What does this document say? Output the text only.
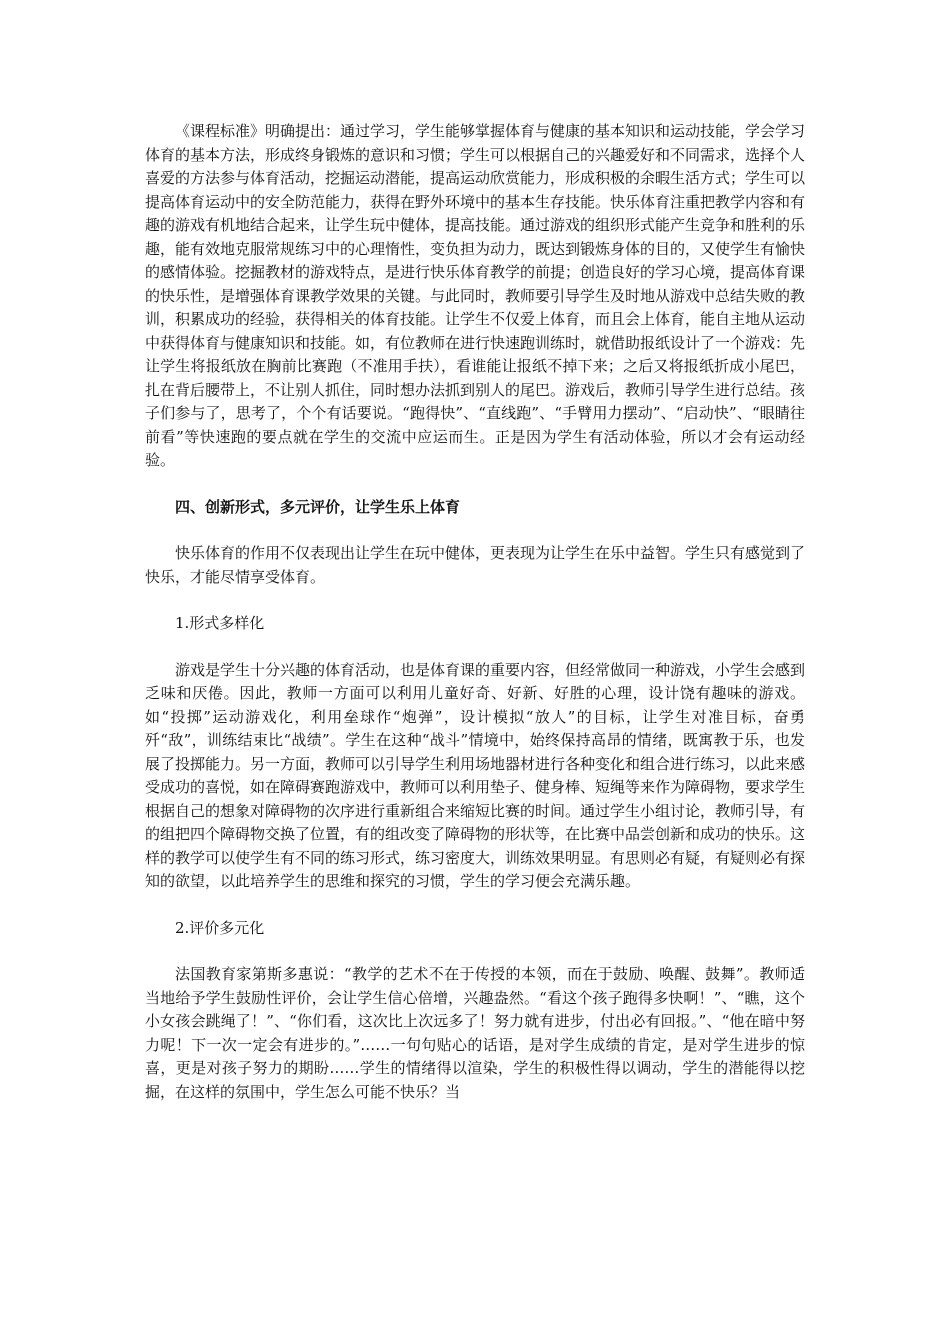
《课程标准》明确提出：通过学习，学生能够掌握体育与健康的基本知识和运动技能，学会学习体育的基本方法，形成终身锻炼的意识和习惯；学生可以根据自己的兴趣爱好和不同需求，选择个人喜爱的方法参与体育活动，挖掘运动潜能，提高运动欣赏能力，形成积极的余暇生活方式；学生可以提高体育运动中的安全防范能力，获得在野外环境中的基本生存技能。快乐体育注重把教学内容和有趣的游戏有机地结合起来，让学生玩中健体，提高技能。通过游戏的组织形式能产生竞争和胜利的乐趣，能有效地克服常规练习中的心理惰性，变负担为动力，既达到锻炼身体的目的，又使学生有愉快的感情体验。挖掘教材的游戏特点，是进行快乐体育教学的前提；创造良好的学习心境，提高体育课的快乐性，是增强体育课教学效果的关键。与此同时，教师要引导学生及时地从游戏中总结失败的教训，积累成功的经验，获得相关的体育技能。让学生不仅爱上体育，而且会上体育，能自主地从运动中获得体育与健康知识和技能。如，有位教师在进行快速跑训练时，就借助报纸设计了一个游戏：先让学生将报纸放在胸前比赛跑（不准用手扶），看谁能让报纸不掉下来；之后又将报纸折成小尾巴，扎在背后腰带上，不让别人抓住，同时想办法抓到别人的尾巴。游戏后，教师引导学生进行总结。孩子们参与了，思考了，个个有话要说。“跑得快”、“直线跑”、“手臂用力摆动”、“启动快”、“眼睛往前看”等快速跑的要点就在学生的交流中应运而生。正是因为学生有活动体验，所以才会有运动经验。

四、创新形式，多元评价，让学生乐上体育

快乐体育的作用不仅表现出让学生在玩中健体，更表现为让学生在乐中益智。学生只有感觉到了快乐，才能尽情享受体育。

1.形式多样化

游戏是学生十分兴趣的体育活动，也是体育课的重要内容，但经常做同一种游戏，小学生会感到乏味和厌倦。因此，教师一方面可以利用儿童好奇、好新、好胜的心理，设计饶有趣味的游戏。如“投掷”运动游戏化，利用垒球作“炮弹”，设计模拟“放人”的目标，让学生对准目标，奋勇歼“敌”，训练结束比“战绩”。学生在这种“战斗”情境中，始终保持高昂的情绪，既寓教于乐，也发展了投掷能力。另一方面，教师可以引导学生利用场地器材进行各种变化和组合进行练习，以此来感受成功的喜悦，如在障碍赛跑游戏中，教师可以利用垫子、健身棒、短绳等来作为障碍物，要求学生根据自己的想象对障碍物的次序进行重新组合来缩短比赛的时间。通过学生小组讨论，教师引导，有的组把四个障碍物交换了位置，有的组改变了障碍物的形状等，在比赛中品尝创新和成功的快乐。这样的教学可以使学生有不同的练习形式，练习密度大，训练效果明显。有思则必有疑，有疑则必有探知的欲望，以此培养学生的思维和探究的习惯，学生的学习便会充满乐趣。

2.评价多元化

法国教育家第斯多惠说：“教学的艺术不在于传授的本领，而在于鼓励、唤醒、鼓舞”。教师适当地给予学生鼓励性评价，会让学生信心倍增，兴趣盎然。“看这个孩子跑得多快啊！”、“瞧，这个小女孩会跳绳了！”、“你们看，这次比上次远多了！努力就有进步，付出必有回报。”、“他在暗中努力呢！下一次一定会有进步的。”……一句句贴心的话语，是对学生成绩的肯定，是对学生进步的惊喜，更是对孩子努力的期盼……学生的情绪得以渲染，学生的积极性得以调动，学生的潜能得以挖掘，在这样的氛围中，学生怎么可能不快乐？当
